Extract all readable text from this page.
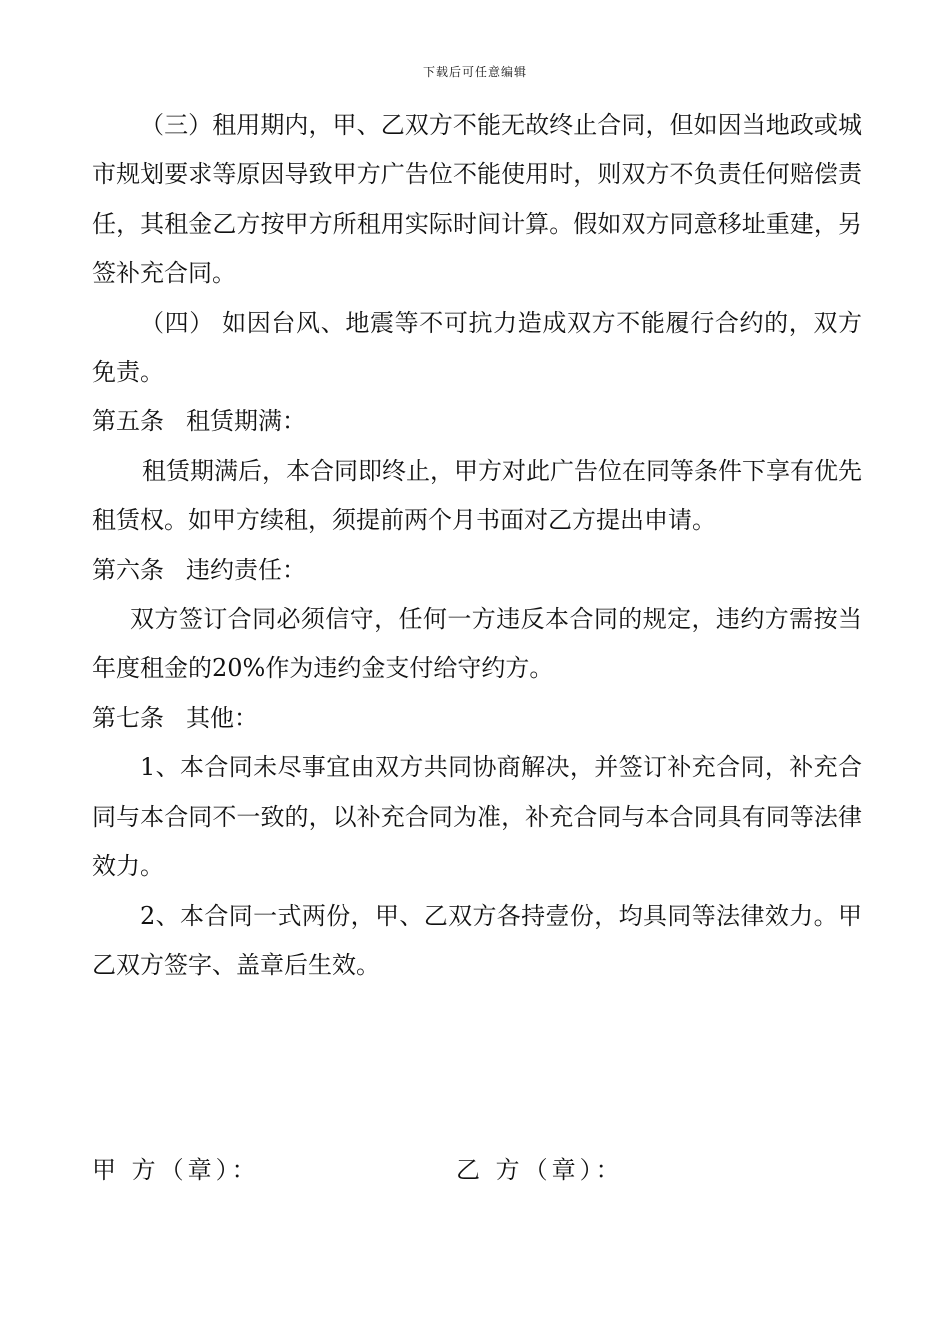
下载后可任意编辑

（三）租用期内，甲、乙双方不能无故终止合同，但如因当地政或城市规划要求等原因导致甲方广告位不能使用时，则双方不负责任何赔偿责任，其租金乙方按甲方所租用实际时间计算。假如双方同意移址重建，另签补充合同。

（四） 如因台风、地震等不可抗力造成双方不能履行合约的，双方免责。

第五条 租赁期满：

租赁期满后，本合同即终止，甲方对此广告位在同等条件下享有优先租赁权。如甲方续租，须提前两个月书面对乙方提出申请。

第六条 违约责任：

双方签订合同必须信守，任何一方违反本合同的规定，违约方需按当年度租金的20%作为违约金支付给守约方。

第七条 其他：

1、本合同未尽事宜由双方共同协商解决，并签订补充合同，补充合同与本合同不一致的，以补充合同为准，补充合同与本合同具有同等法律效力。

2、本合同一式两份，甲、乙双方各持壹份，均具同等法律效力。甲乙双方签字、盖章后生效。

甲 方（章）：	乙 方（章）：
